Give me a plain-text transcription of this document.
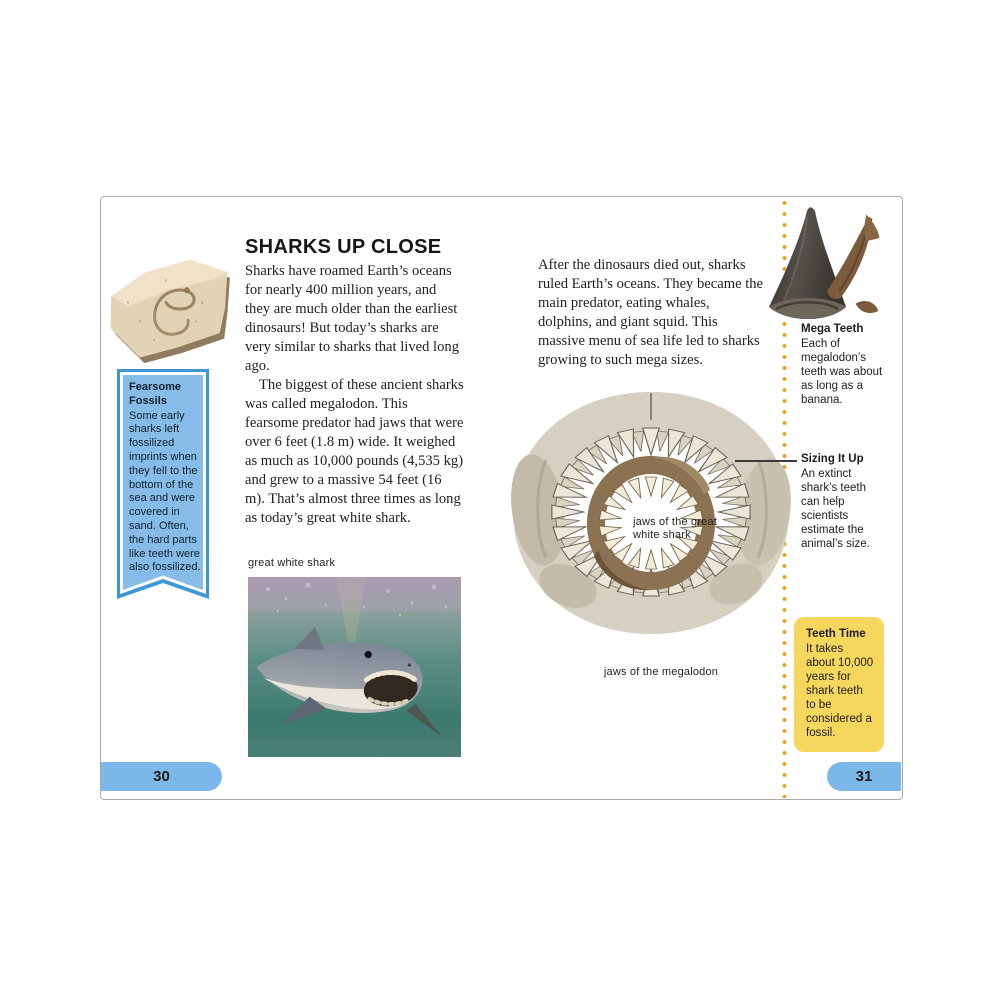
Fearsome Fossils
Some early sharks left fossilized imprints when they fell to the bottom of the sea and were covered in sand. Often, the hard parts like teeth were also fossilized.
SHARKS UP CLOSE
Sharks have roamed Earth’s oceans for nearly 400 million years, and they are much older than the earliest dinosaurs! But today’s sharks are very similar to sharks that lived long ago.
The biggest of these ancient sharks was called megalodon. This fearsome predator had jaws that were over 6 feet (1.8 m) wide. It weighed as much as 10,000 pounds (4,535 kg) and grew to a massive 54 feet (16 m). That’s almost three times as long as today’s great white shark.
After the dinosaurs died out, sharks ruled Earth’s oceans. They became the main predator, eating whales, dolphins, and giant squid. This massive menu of sea life led to sharks growing to such mega sizes.
great white shark
jaws of the great white shark
jaws of the megalodon
Mega Teeth
Each of megalodon’s teeth was about as long as a banana.
Sizing It Up
An extinct shark’s teeth can help scientists estimate the animal’s size.
Teeth Time
It takes about 10,000 years for shark teeth to be considered a fossil.
30	31
